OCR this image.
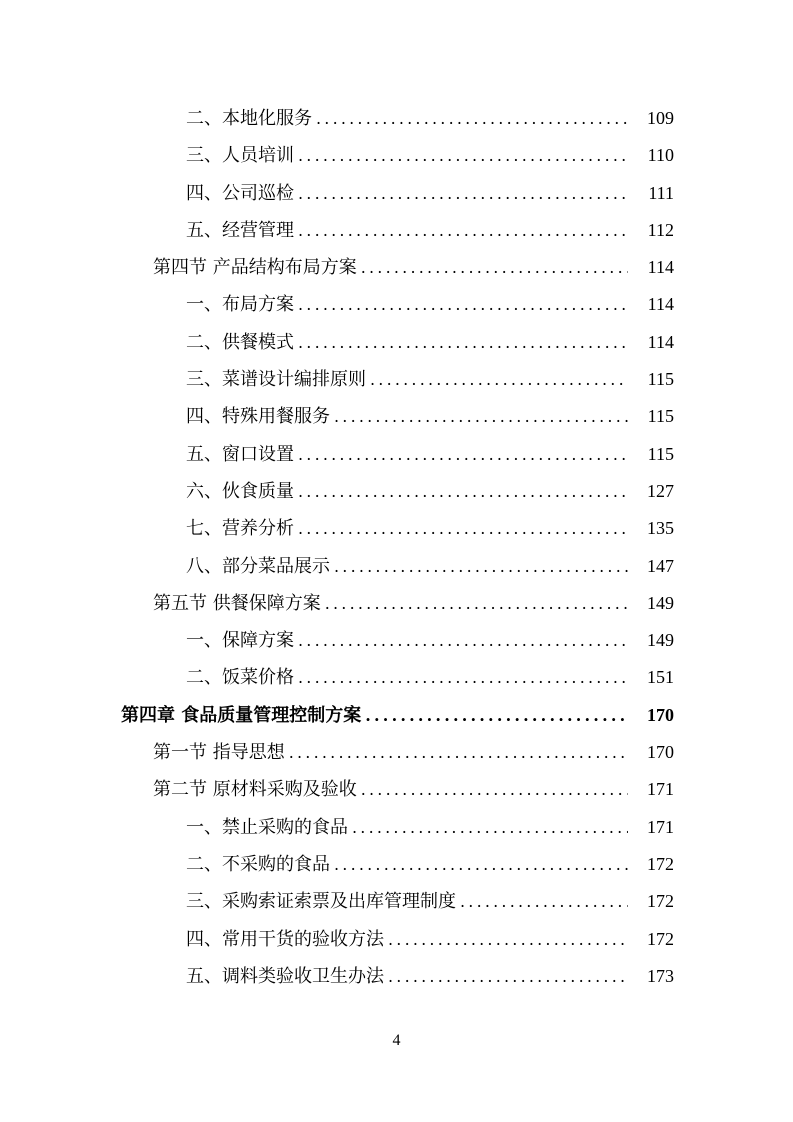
二、本地化服务 .....	109
三、人员培训 .....	110
四、公司巡检 .....	111
五、经营管理 .....	112
第四节 产品结构布局方案 .....	114
一、布局方案 .....	114
二、供餐模式 .....	114
三、菜谱设计编排原则 .....	115
四、特殊用餐服务 .....	115
五、窗口设置 .....	115
六、伙食质量 .....	127
七、营养分析 .....	135
八、部分菜品展示 .....	147
第五节 供餐保障方案 .....	149
一、保障方案 .....	149
二、饭菜价格 .....	151
第四章 食品质量管理控制方案 .....	170
第一节 指导思想 .....	170
第二节 原材料采购及验收 .....	171
一、禁止采购的食品 .....	171
二、不采购的食品 .....	172
三、采购索证索票及出库管理制度 .....	172
四、常用干货的验收方法 .....	172
五、调料类验收卫生办法 .....	173
4
